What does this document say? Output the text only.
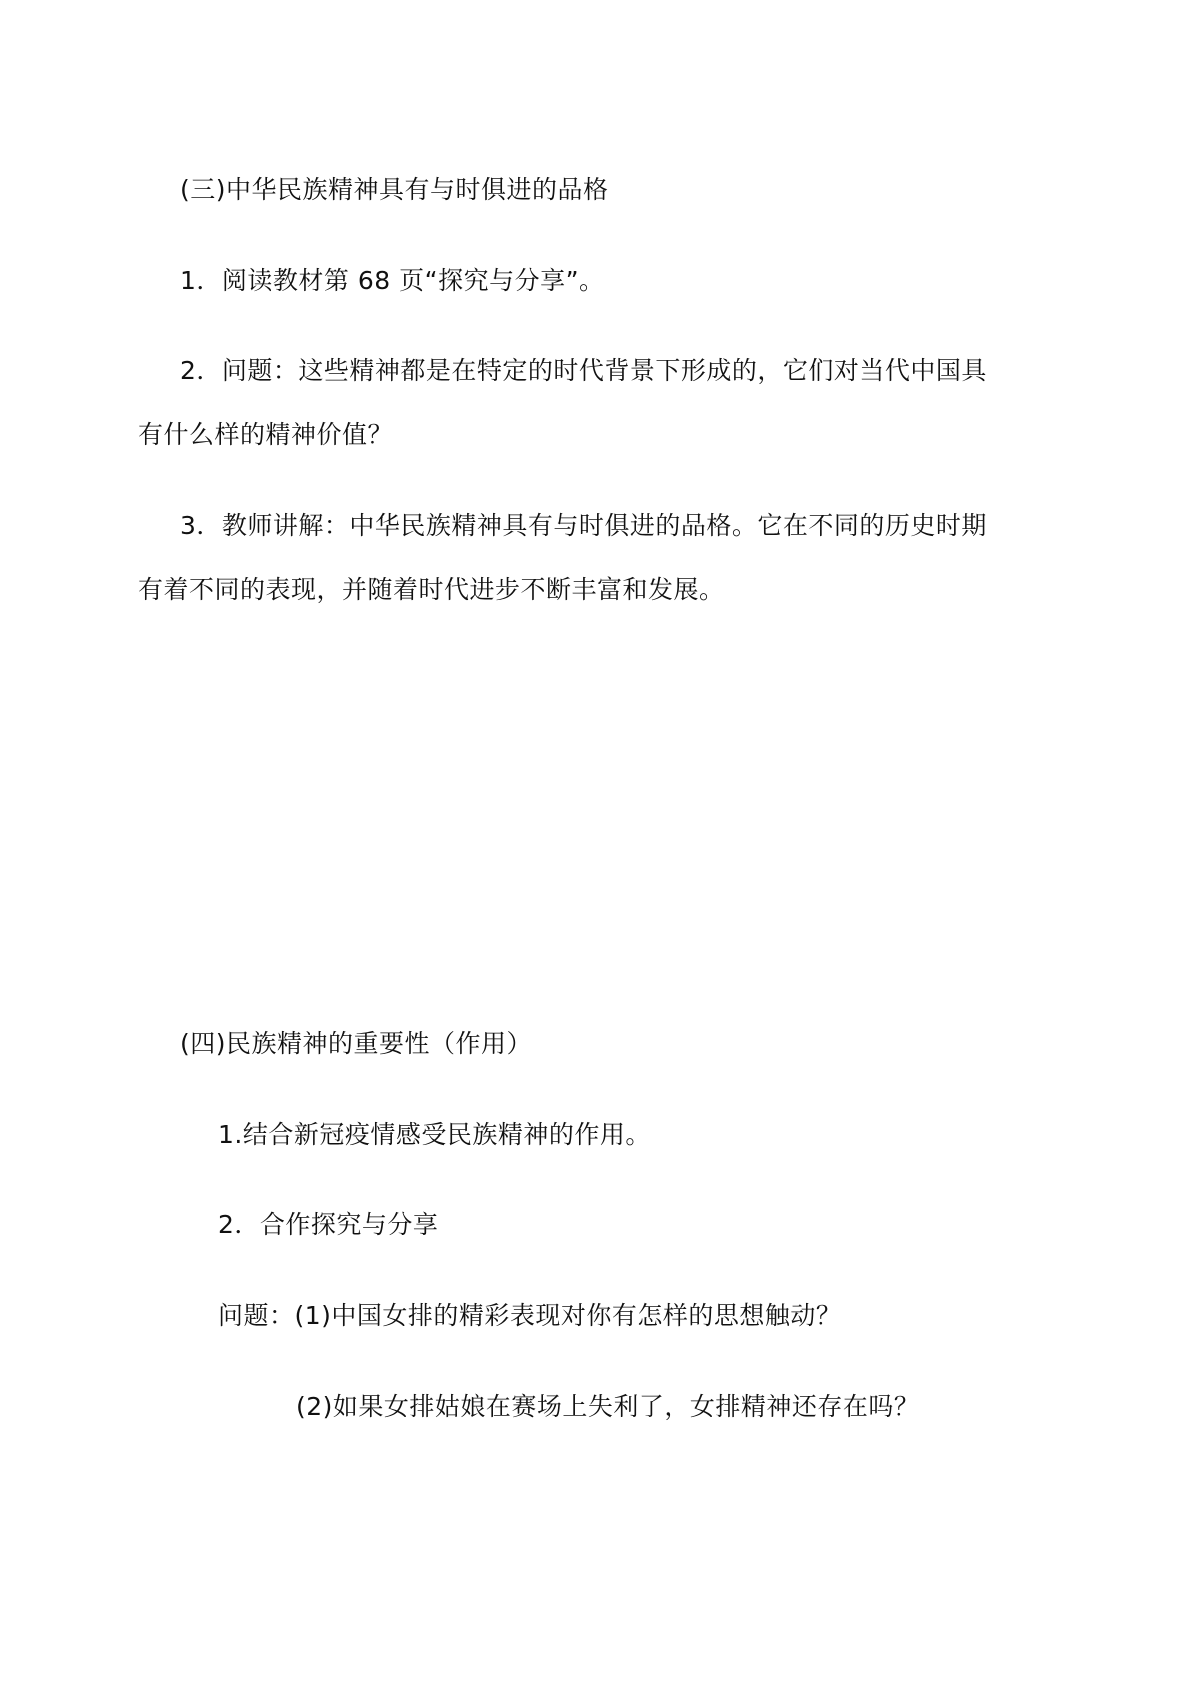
(三)中华民族精神具有与时俱进的品格

1．阅读教材第 68 页“探究与分享”。

2．问题：这些精神都是在特定的时代背景下形成的，它们对当代中国具

有什么样的精神价值？

3．教师讲解：中华民族精神具有与时俱进的品格。它在不同的历史时期

有着不同的表现，并随着时代进步不断丰富和发展。

(四)民族精神的重要性（作用）

1.结合新冠疫情感受民族精神的作用。

2．合作探究与分享

问题：(1)中国女排的精彩表现对你有怎样的思想触动？

(2)如果女排姑娘在赛场上失利了，女排精神还存在吗？
